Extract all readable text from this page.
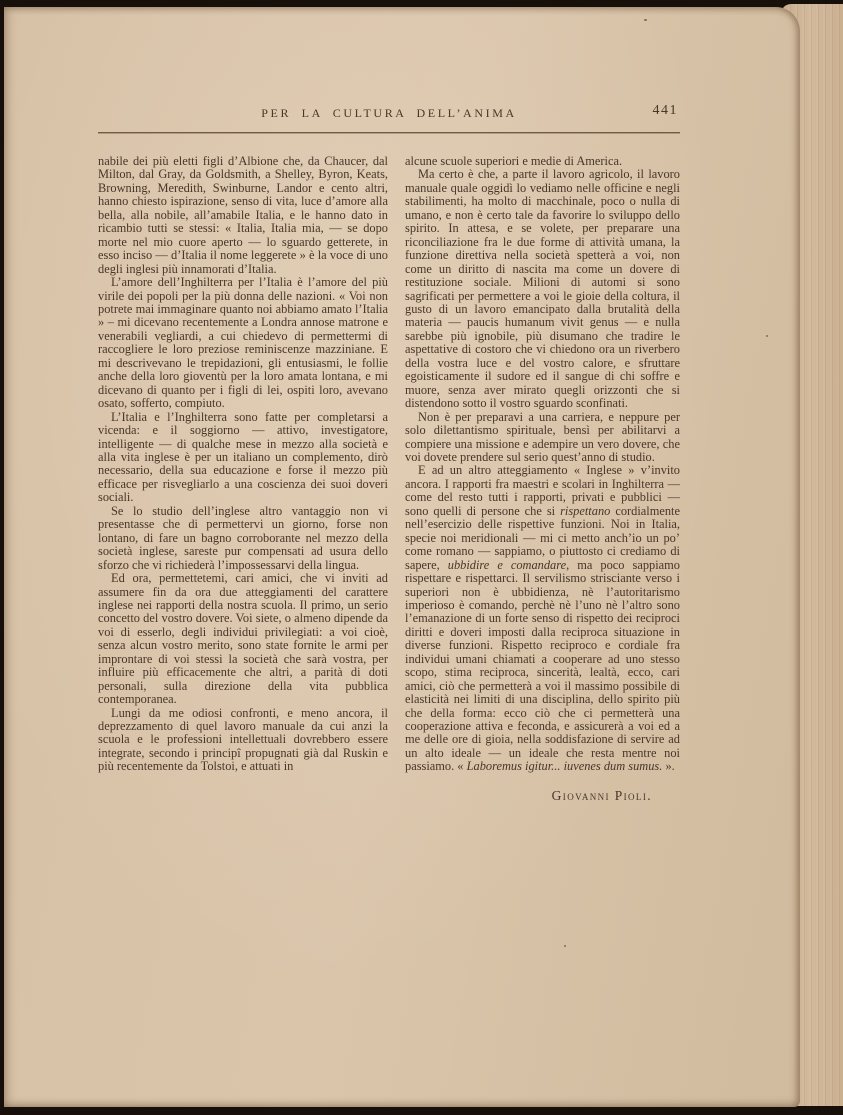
PER LA CULTURA DELL’ANIMA	441

nabile dei più eletti figli d’Albione che, da Chaucer, dal Milton, dal Gray, da Goldsmith, a Shelley, Byron, Keats, Browning, Meredith, Swinburne, Landor e cento altri, hanno chiesto ispirazione, senso di vita, luce d’amore alla bella, alla nobile, all’amabile Italia, e le hanno dato in ricambio tutti se stessi: « Italia, Italia mia, — se dopo morte nel mio cuore aperto — lo sguardo getterete, in esso inciso — d’Italia il nome leggerete » è la voce di uno degli inglesi più innamorati d’Italia.

L’amore dell’Inghilterra per l’Italia è l’amore del più virile dei popoli per la più donna delle nazioni. « Voi non potrete mai immaginare quanto noi abbiamo amato l’Italia » – mi dicevano recentemente a Londra annose matrone e venerabili vegliardi, a cui chiedevo di permettermi di raccogliere le loro preziose reminiscenze mazziniane. E mi descrivevano le trepidazioni, gli entusiasmi, le follie anche della loro gioventù per la loro amata lontana, e mi dicevano di quanto per i figli di lei, ospiti loro, avevano osato, sofferto, compiuto.

L’Italia e l’Inghilterra sono fatte per completarsi a vicenda: e il soggiorno — attivo, investigatore, intelligente — di qualche mese in mezzo alla società e alla vita inglese è per un italiano un complemento, dirò necessario, della sua educazione e forse il mezzo più efficace per risvegliarlo a una coscienza dei suoi doveri sociali.

Se lo studio dell’inglese altro vantaggio non vi presentasse che di permettervi un giorno, forse non lontano, di fare un bagno corroborante nel mezzo della società inglese, sareste pur compensati ad usura dello sforzo che vi richiederà l’impossessarvi della lingua.

Ed ora, permettetemi, cari amici, che vi inviti ad assumere fin da ora due atteggiamenti del carattere inglese nei rapporti della nostra scuola. Il primo, un serio concetto del vostro dovere. Voi siete, o almeno dipende da voi di esserlo, degli individui privilegiati: a voi cioè, senza alcun vostro merito, sono state fornite le armi per improntare di voi stessi la società che sarà vostra, per influire più efficacemente che altri, a parità di doti personali, sulla direzione della vita pubblica contemporanea.

Lungi da me odiosi confronti, e meno ancora, il deprezzamento di quel lavoro manuale da cui anzi la scuola e le professioni intellettuali dovrebbero essere integrate, secondo i principî propugnati già dal Ruskin e più recentemente da Tolstoi, e attuati in

alcune scuole superiori e medie di America.

Ma certo è che, a parte il lavoro agricolo, il lavoro manuale quale oggidì lo vediamo nelle officine e negli stabilimenti, ha molto di macchinale, poco o nulla di umano, e non è certo tale da favorire lo sviluppo dello spirito. In attesa, e se volete, per preparare una riconciliazione fra le due forme di attività umana, la funzione direttiva nella società spetterà a voi, non come un diritto di nascita ma come un dovere di restituzione sociale. Milioni di automi si sono sagrificati per permettere a voi le gioie della coltura, il gusto di un lavoro emancipato dalla brutalità della materia — paucis humanum vivit genus — e nulla sarebbe più ignobile, più disumano che tradire le aspettative di costoro che vi chiedono ora un riverbero della vostra luce e del vostro calore, e sfruttare egoisticamente il sudore ed il sangue di chi soffre e muore, senza aver mirato quegli orizzonti che si distendono sotto il vostro sguardo sconfinati.

Non è per preparavi a una carriera, e neppure per solo dilettantismo spirituale, bensì per abilitarvi a compiere una missione e adempire un vero dovere, che voi dovete prendere sul serio quest’anno di studio.

E ad un altro atteggiamento « Inglese » v’invito ancora. I rapporti fra maestri e scolari in Inghilterra — come del resto tutti i rapporti, privati e pubblici — sono quelli di persone che si rispettano cordialmente nell’esercizio delle rispettive funzioni. Noi in Italia, specie noi meridionali — mi ci metto anch’io un po’ come romano — sappiamo, o piuttosto ci crediamo di sapere, ubbidire e comandare, ma poco sappiamo rispettare e rispettarci. Il servilismo strisciante verso i superiori non è ubbidienza, nè l’autoritarismo imperioso è comando, perchè nè l’uno nè l’altro sono l’emanazione di un forte senso di rispetto dei reciproci diritti e doveri imposti dalla reciproca situazione in diverse funzioni. Rispetto reciproco e cordiale fra individui umani chiamati a cooperare ad uno stesso scopo, stima reciproca, sincerità, lealtà, ecco, cari amici, ciò che permetterà a voi il massimo possibile di elasticità nei limiti di una disciplina, dello spirito più che della forma: ecco ciò che ci permetterà una cooperazione attiva e feconda, e assicurerà a voi ed a me delle ore di gioia, nella soddisfazione di servire ad un alto ideale — un ideale che resta mentre noi passiamo. « Laboremus igitur... iuvenes dum sumus. ».

Giovanni Pioli.
